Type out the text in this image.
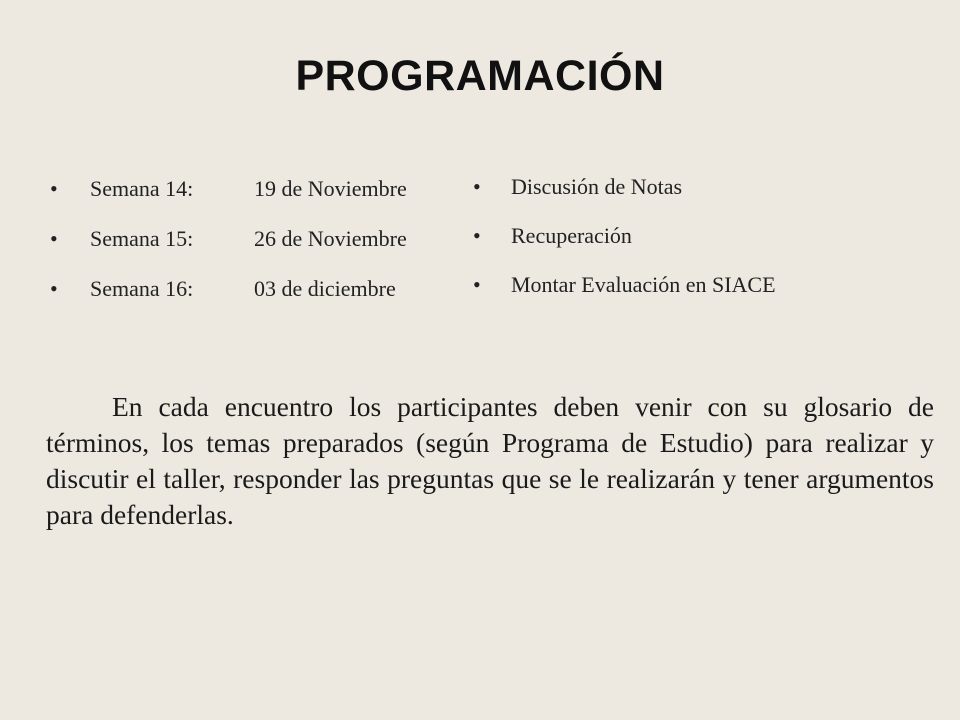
PROGRAMACIÓN
• Semana 14:	19 de Noviembre
• Semana 15:	26 de Noviembre
• Semana 16:	03 de diciembre
• Discusión de Notas
• Recuperación
• Montar Evaluación en SIACE

En cada encuentro los participantes deben venir con su glosario de términos, los temas preparados (según Programa de Estudio) para realizar y discutir el taller, responder las preguntas que se le realizarán y tener argumentos para defenderlas.
